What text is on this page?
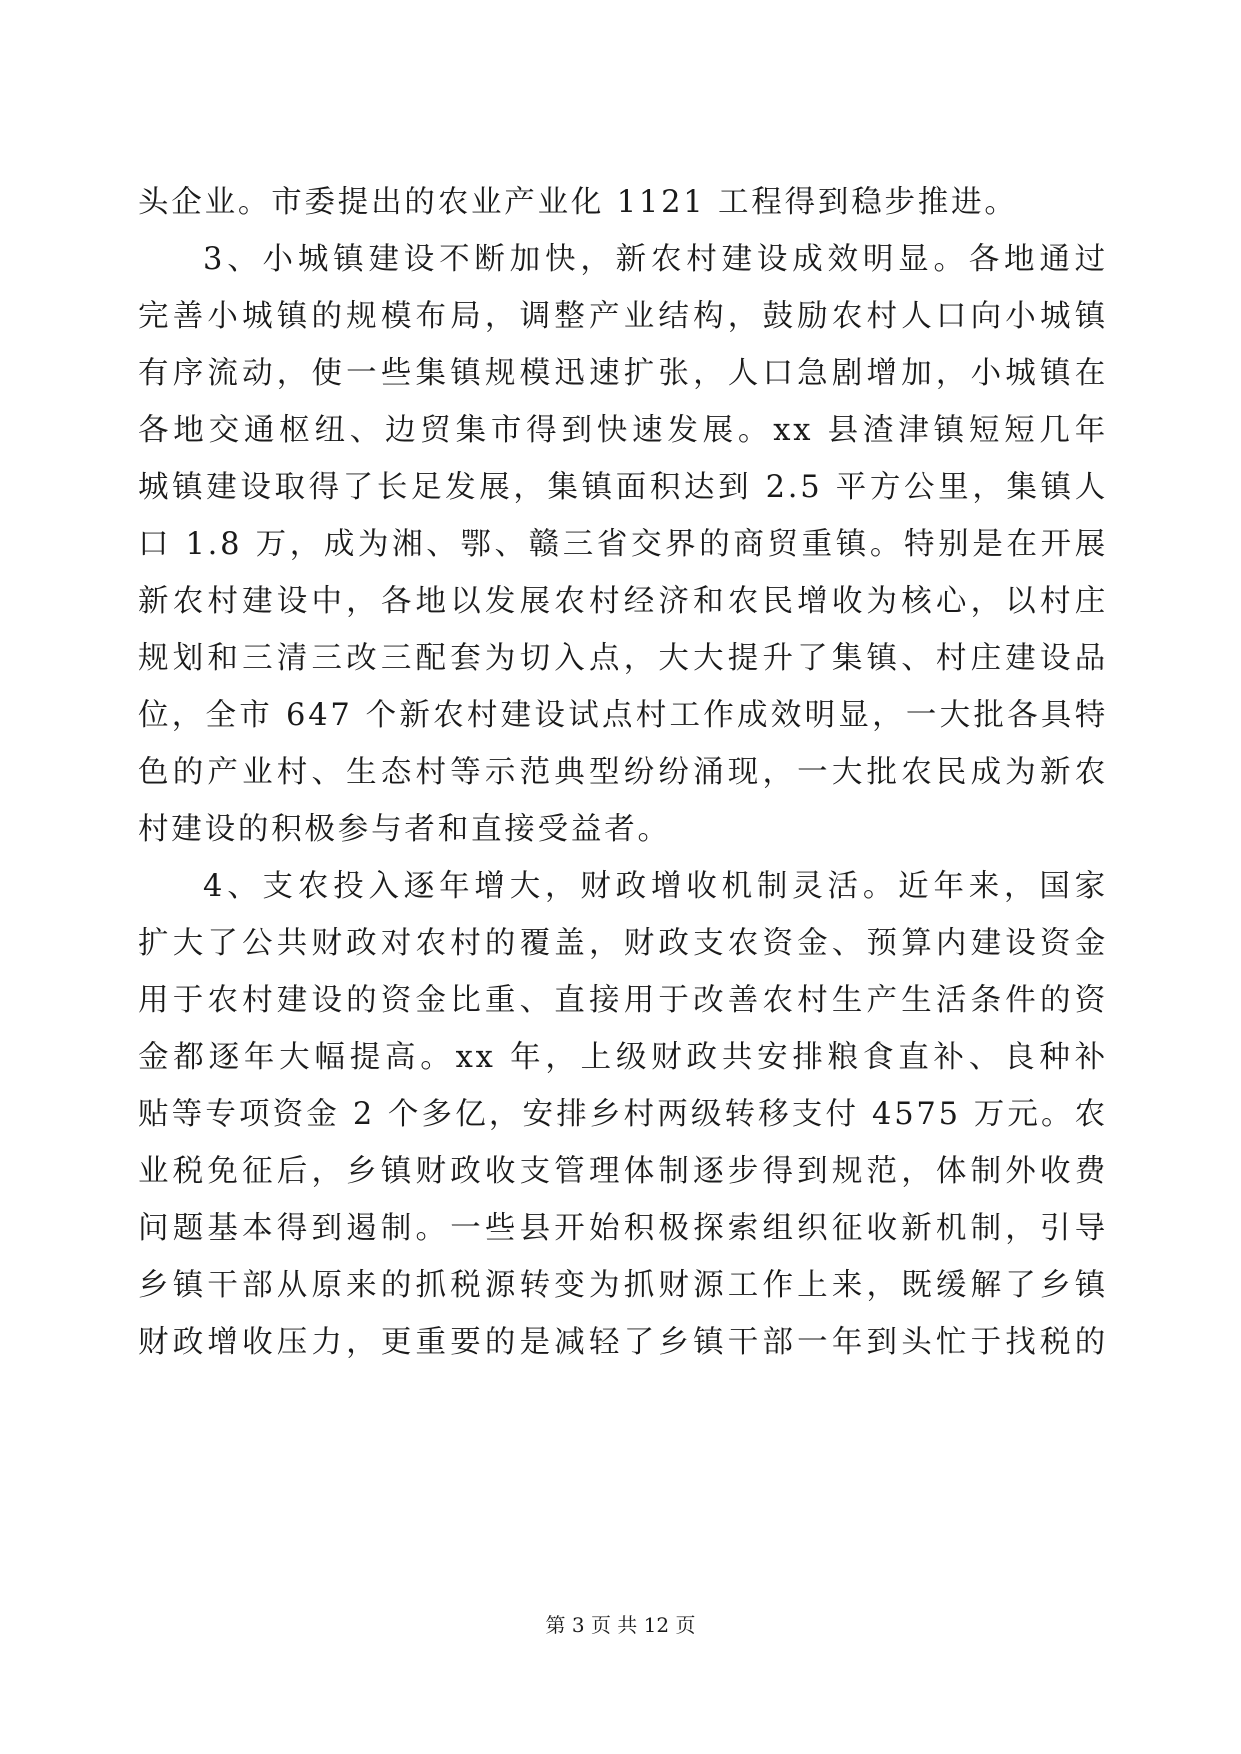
头企业。市委提出的农业产业化 1121 工程得到稳步推进。
3、小城镇建设不断加快，新农村建设成效明显。各地通过
完善小城镇的规模布局，调整产业结构，鼓励农村人口向小城镇
有序流动，使一些集镇规模迅速扩张，人口急剧增加，小城镇在
各地交通枢纽、边贸集市得到快速发展。xx 县渣津镇短短几年
城镇建设取得了长足发展，集镇面积达到 2.5 平方公里，集镇人
口 1.8 万，成为湘、鄂、赣三省交界的商贸重镇。特别是在开展
新农村建设中，各地以发展农村经济和农民增收为核心，以村庄
规划和三清三改三配套为切入点，大大提升了集镇、村庄建设品
位，全市 647 个新农村建设试点村工作成效明显，一大批各具特
色的产业村、生态村等示范典型纷纷涌现，一大批农民成为新农
村建设的积极参与者和直接受益者。
4、支农投入逐年增大，财政增收机制灵活。近年来，国家
扩大了公共财政对农村的覆盖，财政支农资金、预算内建设资金
用于农村建设的资金比重、直接用于改善农村生产生活条件的资
金都逐年大幅提高。xx 年，上级财政共安排粮食直补、良种补
贴等专项资金 2 个多亿，安排乡村两级转移支付 4575 万元。农
业税免征后，乡镇财政收支管理体制逐步得到规范，体制外收费
问题基本得到遏制。一些县开始积极探索组织征收新机制，引导
乡镇干部从原来的抓税源转变为抓财源工作上来，既缓解了乡镇
财政增收压力，更重要的是减轻了乡镇干部一年到头忙于找税的
第 3 页 共 12 页
